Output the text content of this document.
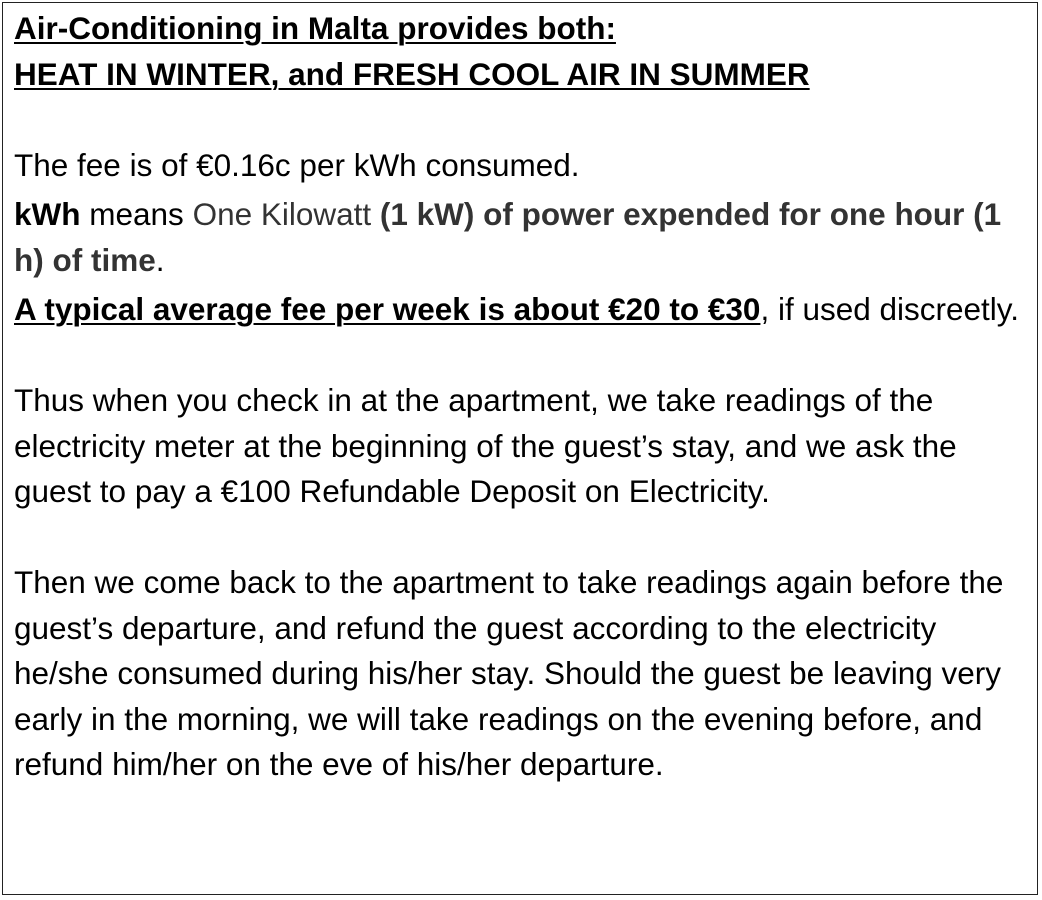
Air-Conditioning in Malta provides both:

HEAT IN WINTER, and FRESH COOL AIR IN SUMMER

The fee is of €0.16c per kWh consumed.

kWh means One Kilowatt (1 kW) of power expended for one hour (1 h) of time.

A typical average fee per week is about €20 to €30, if used discreetly.

Thus when you check in at the apartment, we take readings of the electricity meter at the beginning of the guest’s stay, and we ask the guest to pay a €100 Refundable Deposit on Electricity.

Then we come back to the apartment to take readings again before the guest’s departure, and refund the guest according to the electricity he/she consumed during his/her stay. Should the guest be leaving very early in the morning, we will take readings on the evening before, and refund him/her on the eve of his/her departure.
